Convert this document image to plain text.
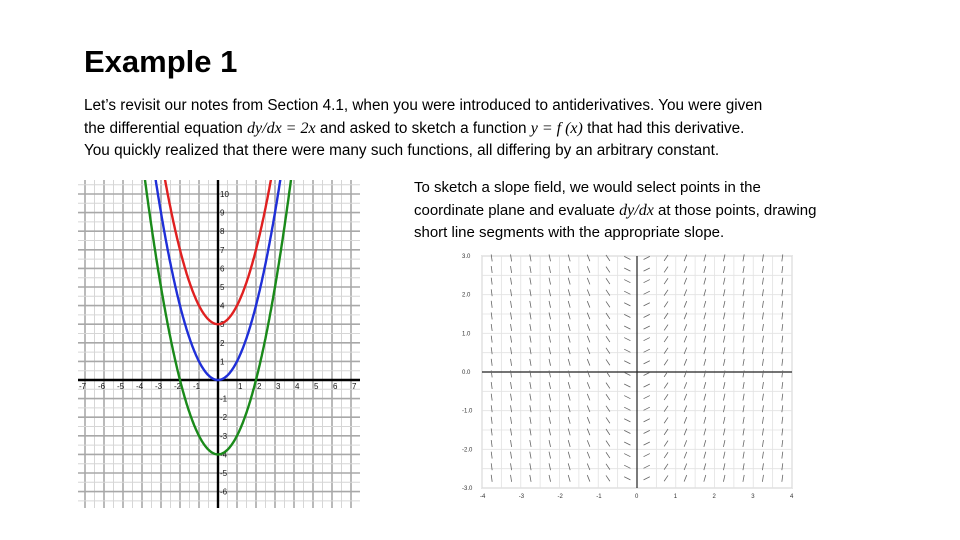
Example 1

Let’s revisit our notes from Section 4.1, when you were introduced to antiderivatives. You were given
the differential equation dy/dx = 2x and asked to sketch a function y = f (x) that had this derivative.
You quickly realized that there were many such functions, all differing by an arbitrary constant.

To sketch a slope field, we would select points in the coordinate plane and evaluate dy/dx at those points, drawing short line segments with the appropriate slope.

-7 -6 -5 -4 -3 -2 -1	1 2 3 4 5 6 7
10
9
8
7
6
5
4
3
2
1
-1
-2
-3
-4
-5
-6
-4	-3	-2	-1	0	1	2	3	4
3.0
2.0
1.0
0.0
-1.0
-2.0
-3.0
